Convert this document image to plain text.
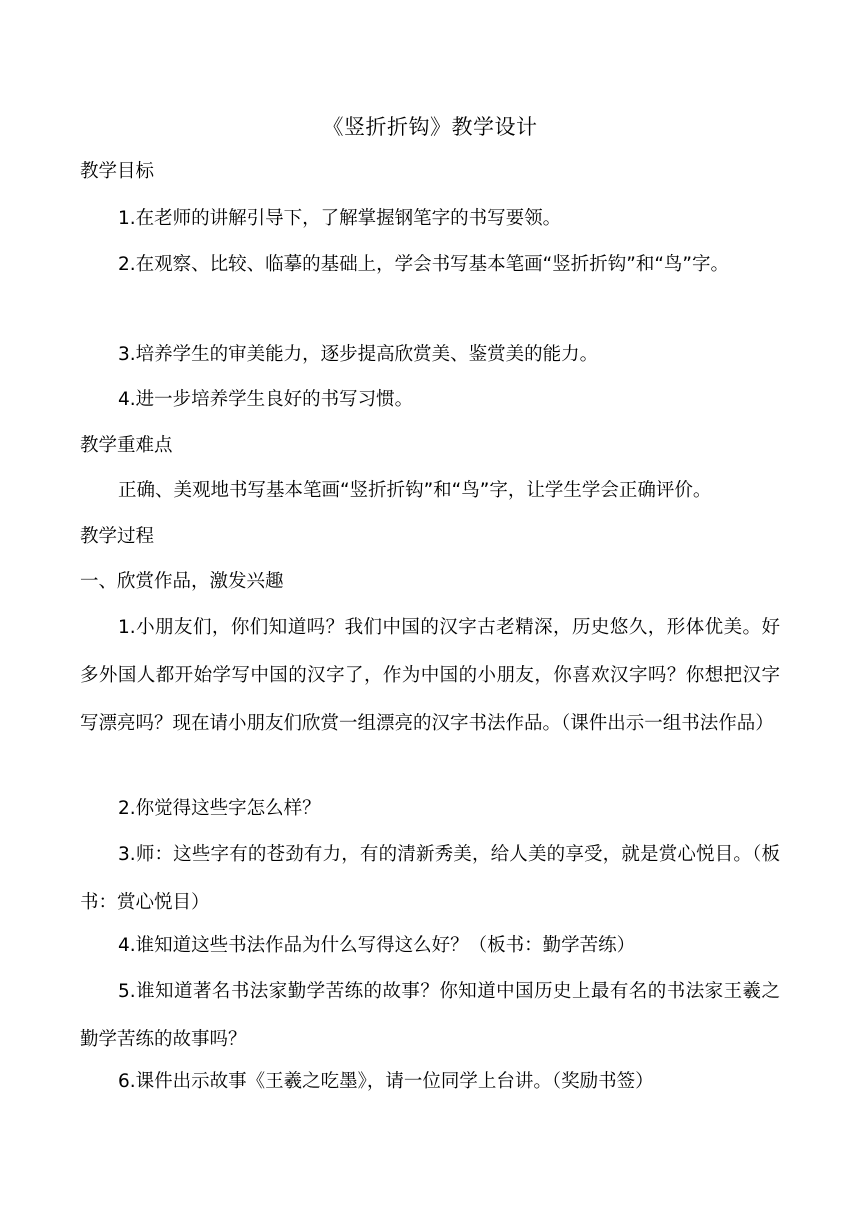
《竖折折钩》教学设计
教学目标
1.在老师的讲解引导下，了解掌握钢笔字的书写要领。
2.在观察、比较、临摹的基础上，学会书写基本笔画“竖折折钩”和“鸟”字。
3.培养学生的审美能力，逐步提高欣赏美、鉴赏美的能力。
4.进一步培养学生良好的书写习惯。
教学重难点
正确、美观地书写基本笔画“竖折折钩”和“鸟”字，让学生学会正确评价。
教学过程
一、欣赏作品，激发兴趣
1.小朋友们，你们知道吗？我们中国的汉字古老精深，历史悠久，形体优美。好多外国人都开始学写中国的汉字了，作为中国的小朋友，你喜欢汉字吗？你想把汉字写漂亮吗？现在请小朋友们欣赏一组漂亮的汉字书法作品。（课件出示一组书法作品）
2.你觉得这些字怎么样？
3.师：这些字有的苍劲有力，有的清新秀美，给人美的享受，就是赏心悦目。（板书：赏心悦目）
4.谁知道这些书法作品为什么写得这么好？（板书：勤学苦练）
5.谁知道著名书法家勤学苦练的故事？你知道中国历史上最有名的书法家王羲之勤学苦练的故事吗？
6.课件出示故事《王羲之吃墨》，请一位同学上台讲。（奖励书签）
